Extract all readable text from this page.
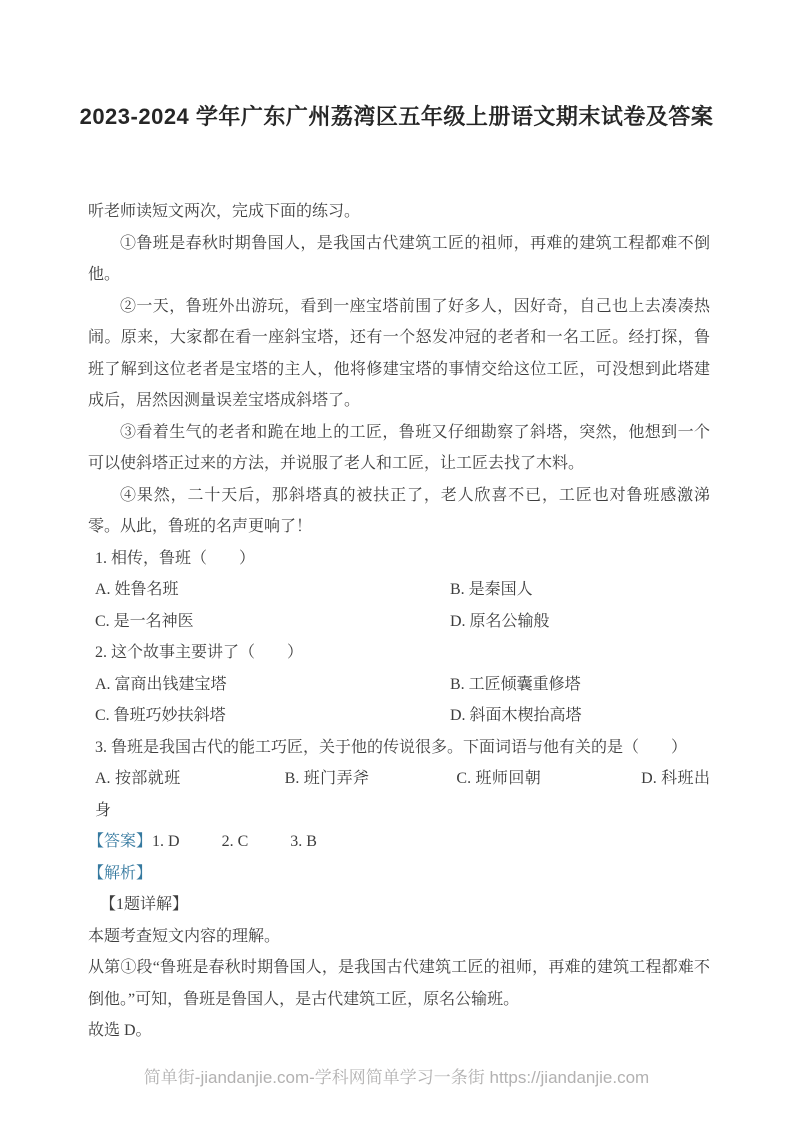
2023-2024 学年广东广州荔湾区五年级上册语文期末试卷及答案

听老师读短文两次，完成下面的练习。

①鲁班是春秋时期鲁国人，是我国古代建筑工匠的祖师，再难的建筑工程都难不倒他。

②一天，鲁班外出游玩，看到一座宝塔前围了好多人，因好奇，自己也上去凑凑热闹。原来，大家都在看一座斜宝塔，还有一个怒发冲冠的老者和一名工匠。经打探，鲁班了解到这位老者是宝塔的主人，他将修建宝塔的事情交给这位工匠，可没想到此塔建成后，居然因测量误差宝塔成斜塔了。

③看着生气的老者和跪在地上的工匠，鲁班又仔细勘察了斜塔，突然，他想到一个可以使斜塔正过来的方法，并说服了老人和工匠，让工匠去找了木料。

④果然，二十天后，那斜塔真的被扶正了，老人欣喜不已，工匠也对鲁班感激涕零。从此，鲁班的名声更响了！

1. 相传，鲁班（　　）

A. 姓鲁名班	B. 是秦国人
C. 是一名神医	D. 原名公输般

2. 这个故事主要讲了（　　）

A. 富商出钱建宝塔	B. 工匠倾囊重修塔
C. 鲁班巧妙扶斜塔	D. 斜面木楔抬高塔

3. 鲁班是我国古代的能工巧匠，关于他的传说很多。下面词语与他有关的是（　　）

A. 按部就班	B. 班门弄斧	C. 班师回朝	D. 科班出身

【答案】1. D	2. C	3. B

【解析】

【1题详解】

本题考查短文内容的理解。

从第①段“鲁班是春秋时期鲁国人，是我国古代建筑工匠的祖师，再难的建筑工程都难不倒他。”可知，鲁班是鲁国人，是古代建筑工匠，原名公输班。

故选 D。

简单街-jiandanjie.com-学科网简单学习一条街 https://jiandanjie.com
